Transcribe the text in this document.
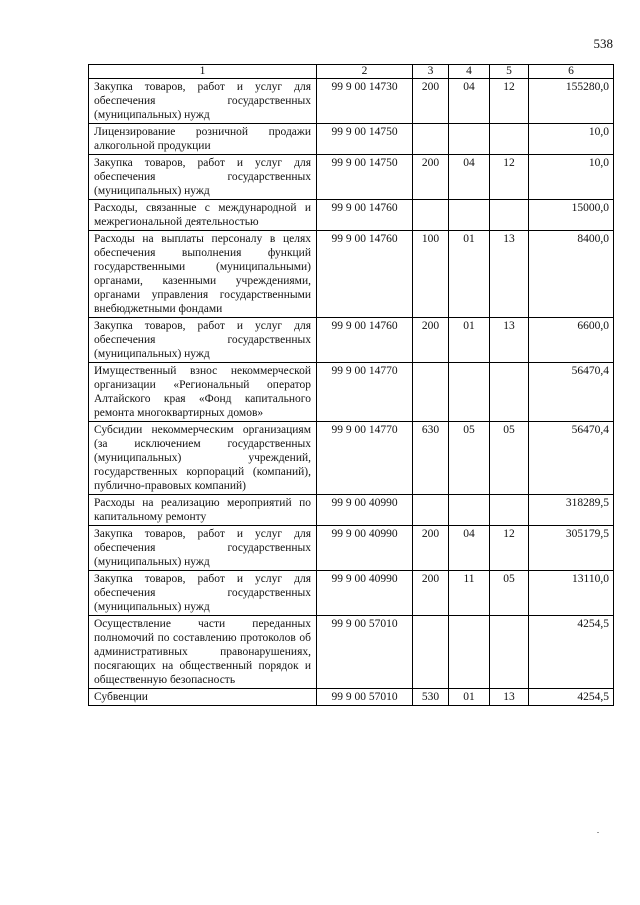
538
1	2	3	4	5	6
Закупка товаров, работ и услуг для обеспечения государственных (муниципальных) нужд	99 9 00 14730	200	04	12	155280,0
Лицензирование розничной продажи алкогольной продукции	99 9 00 14750				10,0
Закупка товаров, работ и услуг для обеспечения государственных (муниципальных) нужд	99 9 00 14750	200	04	12	10,0
Расходы, связанные с международной и межрегиональной деятельностью	99 9 00 14760				15000,0
Расходы на выплаты персоналу в целях обеспечения выполнения функций государственными (муниципальными) органами, казенными учреждениями, органами управления государственными внебюджетными фондами	99 9 00 14760	100	01	13	8400,0
Закупка товаров, работ и услуг для обеспечения государственных (муниципальных) нужд	99 9 00 14760	200	01	13	6600,0
Имущественный взнос некоммерческой организации «Региональный оператор Алтайского края «Фонд капитального ремонта многоквартирных домов»	99 9 00 14770				56470,4
Субсидии некоммерческим организациям (за исключением государственных (муниципальных) учреждений, государственных корпораций (компаний), публично-правовых компаний)	99 9 00 14770	630	05	05	56470,4
Расходы на реализацию мероприятий по капитальному ремонту	99 9 00 40990				318289,5
Закупка товаров, работ и услуг для обеспечения государственных (муниципальных) нужд	99 9 00 40990	200	04	12	305179,5
Закупка товаров, работ и услуг для обеспечения государственных (муниципальных) нужд	99 9 00 40990	200	11	05	13110,0
Осуществление части переданных полномочий по составлению протоколов об административных правонарушениях, посягающих на общественный порядок и общественную безопасность	99 9 00 57010				4254,5
Субвенции	99 9 00 57010	530	01	13	4254,5
